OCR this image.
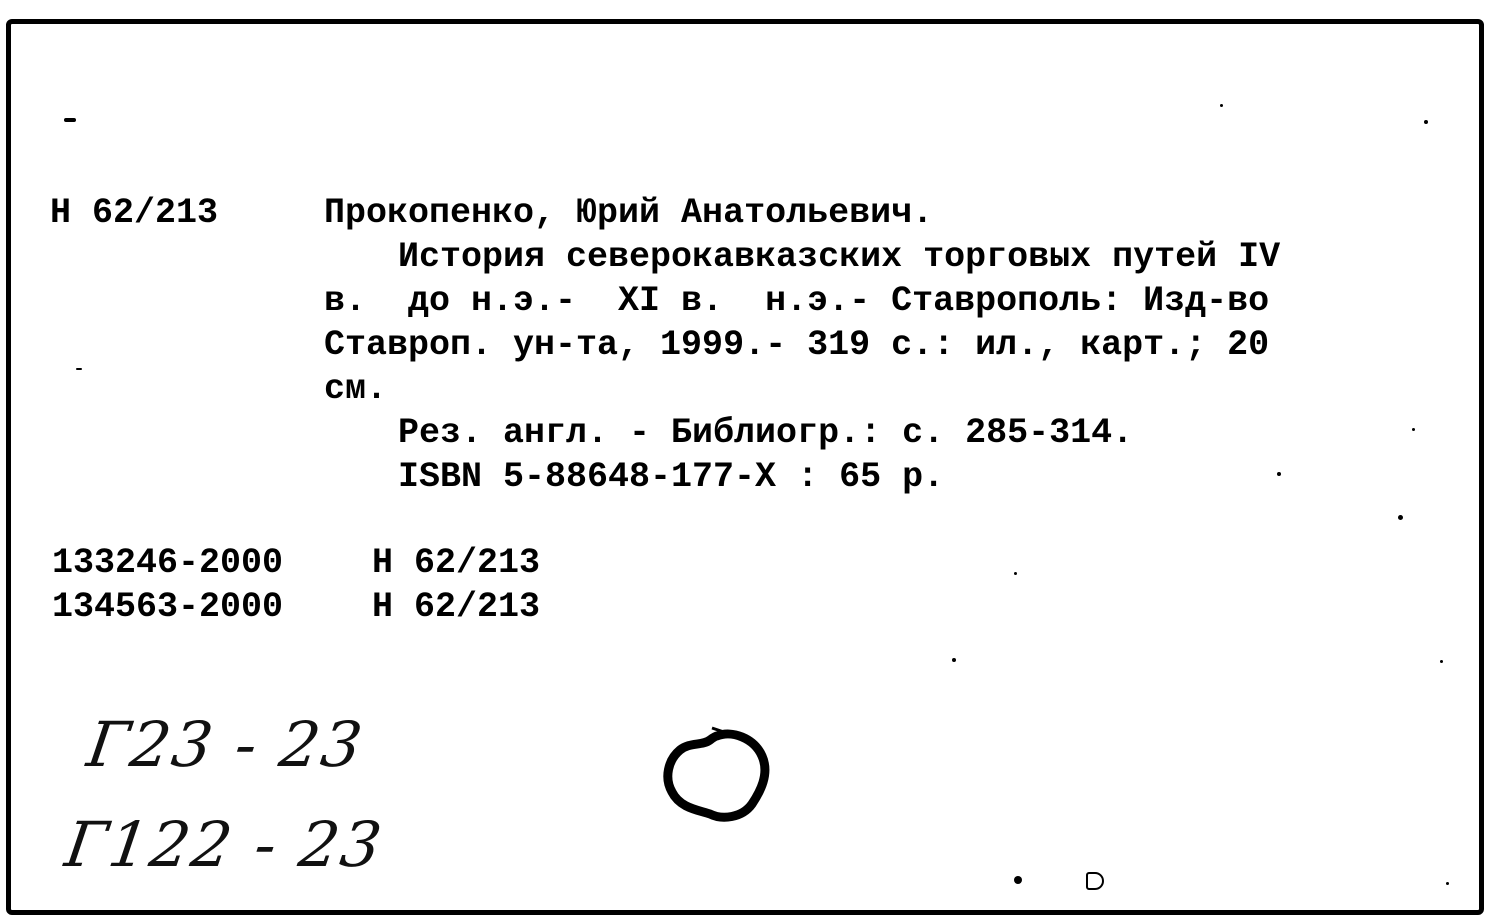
Н 62/213	Прокопенко, Юрий Анатольевич.
История северокавказских торговых путей IV
в.  до н.э.-  XI в.  н.э.- Ставрополь: Изд-во
Ставроп. ун-та, 1999.- 319 с.: ил., карт.; 20
см.
Рез. англ. - Библиогр.: с. 285-314.
ISBN 5-88648-177-X : 65 р.
133246-2000	Н 62/213
134563-2000	Н 62/213
Г23 - 23
Г122 - 23
